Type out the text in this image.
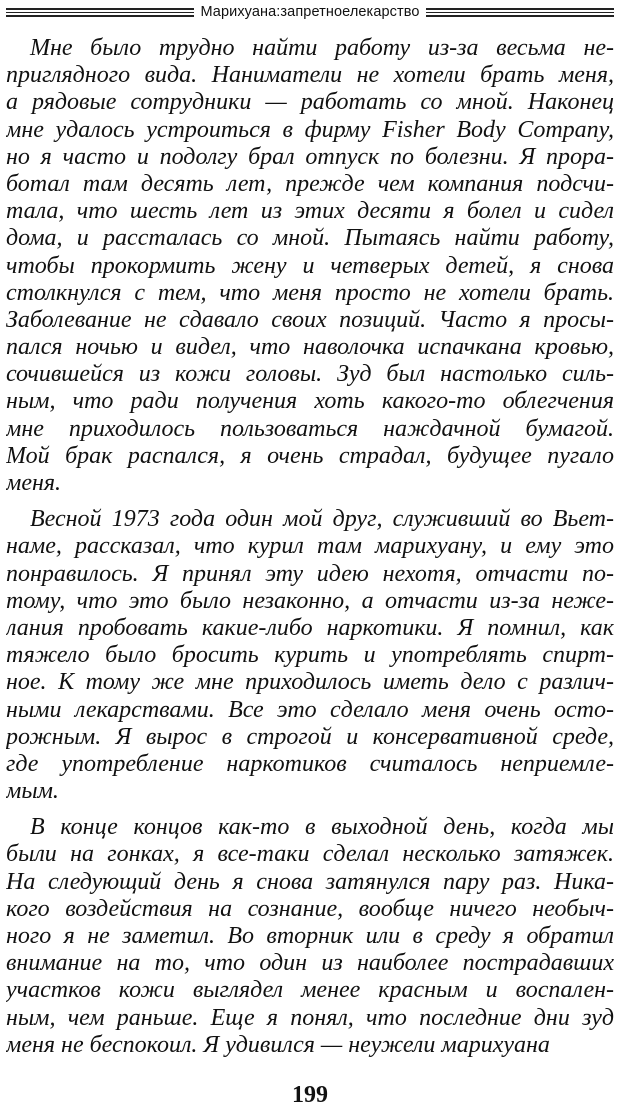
Марихуана:запретноелекарство
Мне было трудно найти работу из-за весьма не-
приглядного вида. Наниматели не хотели брать меня,
а рядовые сотрудники — работать со мной. Наконец
мне удалось устроиться в фирму Fisher Body Company,
но я часто и подолгу брал отпуск по болезни. Я прора-
ботал там десять лет, прежде чем компания подсчи-
тала, что шесть лет из этих десяти я болел и сидел
дома, и рассталась со мной. Пытаясь найти работу,
чтобы прокормить жену и четверых детей, я снова
столкнулся с тем, что меня просто не хотели брать.
Заболевание не сдавало своих позиций. Часто я просы-
пался ночью и видел, что наволочка испачкана кровью,
сочившейся из кожи головы. Зуд был настолько силь-
ным, что ради получения хоть какого-то облегчения
мне приходилось пользоваться наждачной бумагой.
Мой брак распался, я очень страдал, будущее пугало
меня.
Весной 1973 года один мой друг, служивший во Вьет-
наме, рассказал, что курил там марихуану, и ему это
понравилось. Я принял эту идею нехотя, отчасти по-
тому, что это было незаконно, а отчасти из-за неже-
лания пробовать какие-либо наркотики. Я помнил, как
тяжело было бросить курить и употреблять спирт-
ное. К тому же мне приходилось иметь дело с различ-
ными лекарствами. Все это сделало меня очень осто-
рожным. Я вырос в строгой и консервативной среде,
где употребление наркотиков считалось неприемле-
мым.
В конце концов как-то в выходной день, когда мы
были на гонках, я все-таки сделал несколько затяжек.
На следующий день я снова затянулся пару раз. Ника-
кого воздействия на сознание, вообще ничего необыч-
ного я не заметил. Во вторник или в среду я обратил
внимание на то, что один из наиболее пострадавших
участков кожи выглядел менее красным и воспален-
ным, чем раньше. Еще я понял, что последние дни зуд
меня не беспокоил. Я удивился — неужели марихуана
199
